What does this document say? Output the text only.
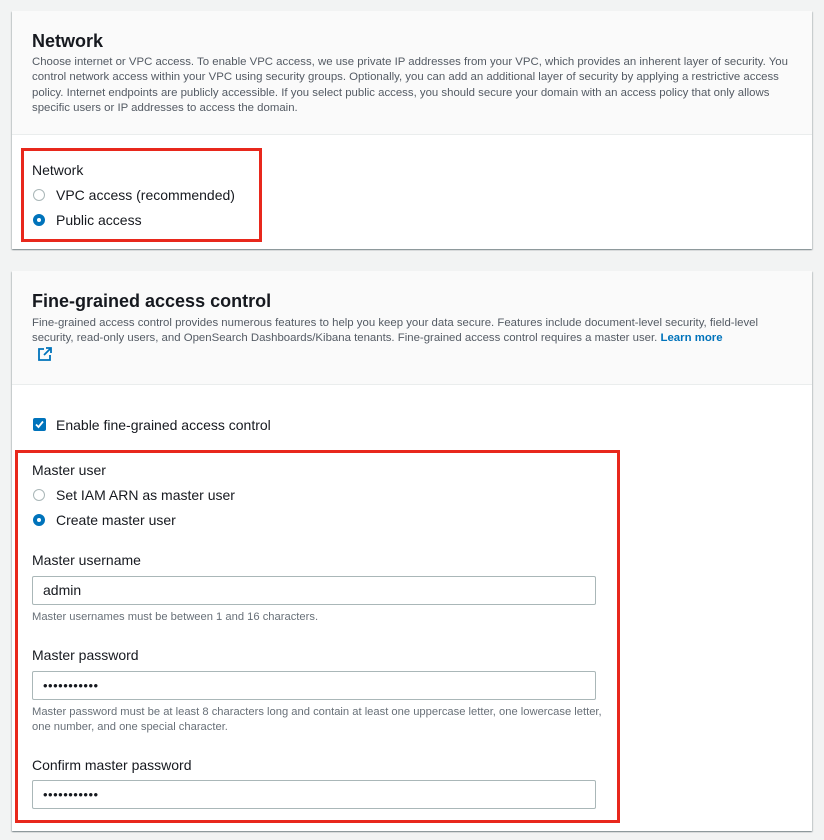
Network
Choose internet or VPC access. To enable VPC access, we use private IP addresses from your VPC, which provides an inherent layer of security. You control network access within your VPC using security groups. Optionally, you can add an additional layer of security by applying a restrictive access policy. Internet endpoints are publicly accessible. If you select public access, you should secure your domain with an access policy that only allows specific users or IP addresses to access the domain.
Network
VPC access (recommended)
Public access
Fine-grained access control
Fine-grained access control provides numerous features to help you keep your data secure. Features include document-level security, field-level security, read-only users, and OpenSearch Dashboards/Kibana tenants. Fine-grained access control requires a master user. Learn more
Enable fine-grained access control
Master user
Set IAM ARN as master user
Create master user
Master username
admin
Master usernames must be between 1 and 16 characters.
Master password
•••••••••••
Master password must be at least 8 characters long and contain at least one uppercase letter, one lowercase letter, one number, and one special character.
Confirm master password
•••••••••••
